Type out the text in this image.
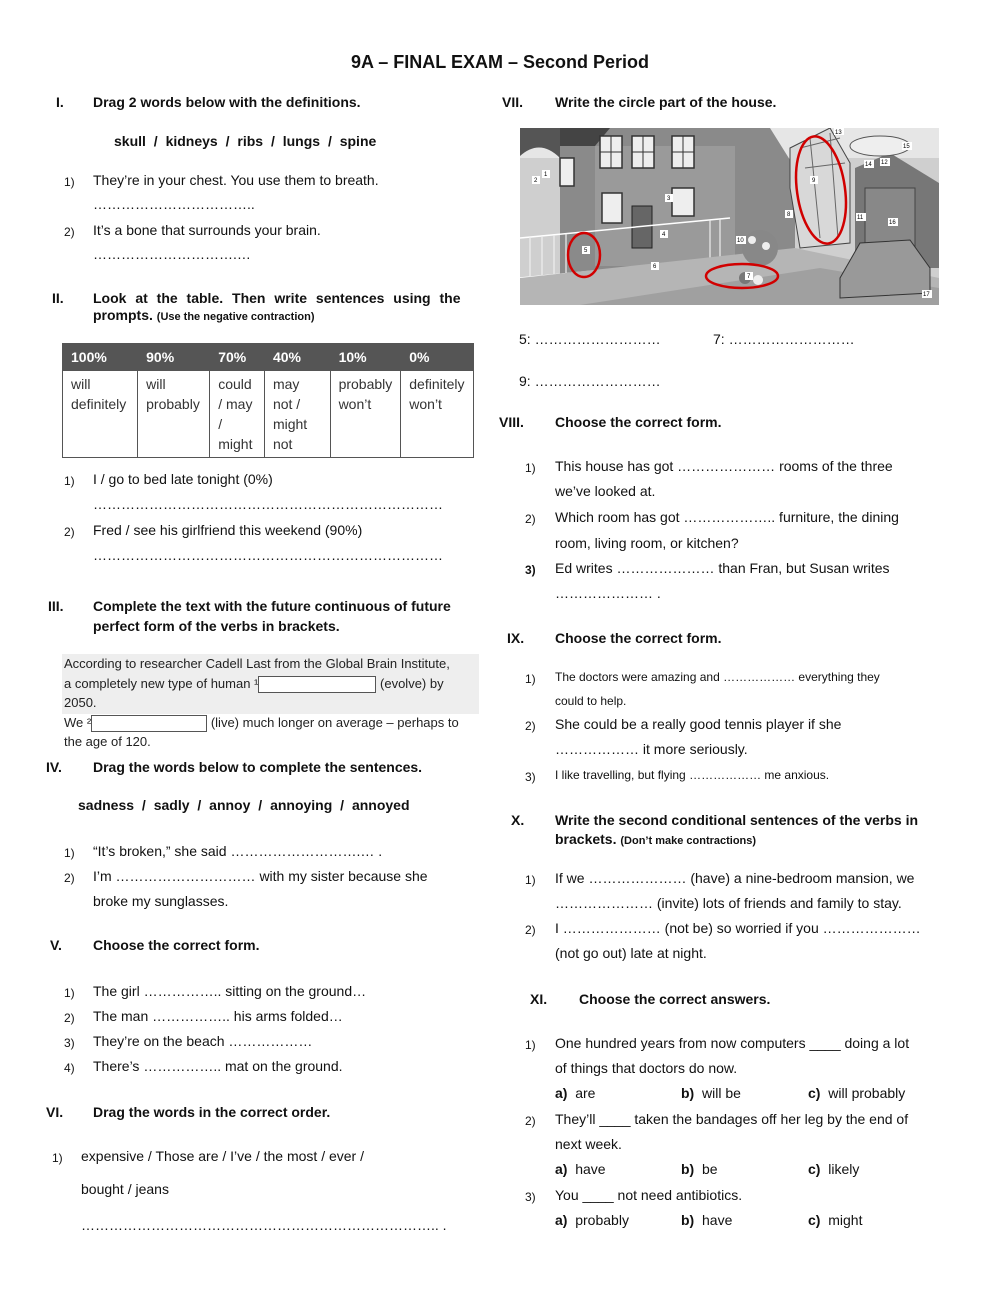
9A – FINAL EXAM – Second Period
I. Drag 2 words below with the definitions.
skull / kidneys / ribs / lungs / spine
1) They’re in your chest. You use them to breath.
……………………………..
2) It’s a bone that surrounds your brain.
………………………….…
II. Look at the table. Then write sentences using the
prompts. (Use the negative contraction)
100%	90%	70%	40%	10%	0%
will definitely	will probably	could / may / might	may not / might not	probably won’t	definitely won’t
1) I / go to bed late tonight (0%)
…………………………………………………………………
2) Fred / see his girlfriend this weekend (90%)
…………………………………………………………………
III. Complete the text with the future continuous of future
perfect form of the verbs in brackets.
According to researcher Cadell Last from the Global Brain Institute,
a completely new type of human ¹	(evolve) by 2050.
We ²	(live) much longer on average – perhaps to
the age of 120.
IV. Drag the words below to complete the sentences.
sadness / sadly / annoy / annoying / annoyed
1) “It’s broken,” she said ……………………….… .
2) I’m ………………………… with my sister because she
broke my sunglasses.
V. Choose the correct form.
1) The girl …………….. sitting on the ground…
2) The man …………….. his arms folded…
3) They’re on the beach ………………
4) There’s …………….. mat on the ground.
VI. Drag the words in the correct order.
1) expensive / Those are / I’ve / the most / ever /
bought / jeans
………………………………………………………………….. .
VII. Write the circle part of the house.
1
2
3
4
5
6
7
8
9
10
11
12
13
14
15
16
17
5: ………………………	7: ………………………
9: ………………………
VIII. Choose the correct form.
1) This house has got ………………… rooms of the three
we’ve looked at.
2) Which room has got ……………….. furniture, the dining
room, living room, or kitchen?
3) Ed writes ………………… than Fran, but Susan writes
………………… .
IX. Choose the correct form.
1) The doctors were amazing and ……………… everything they
could to help.
2) She could be a really good tennis player if she
……………… it more seriously.
3) I like travelling, but flying ……………… me anxious.
X. Write the second conditional sentences of the verbs in
brackets. (Don’t make contractions)
1) If we ………………… (have) a nine-bedroom mansion, we
………………… (invite) lots of friends and family to stay.
2) I ………………… (not be) so worried if you …………………
(not go out) late at night.
XI. Choose the correct answers.
1) One hundred years from now computers ____ doing a lot
of things that doctors do now.
a) are	b) will be	c) will probably
2) They’ll ____ taken the bandages off her leg by the end of
next week.
a) have	b) be	c) likely
3) You ____ not need antibiotics.
a) probably	b) have	c) might
